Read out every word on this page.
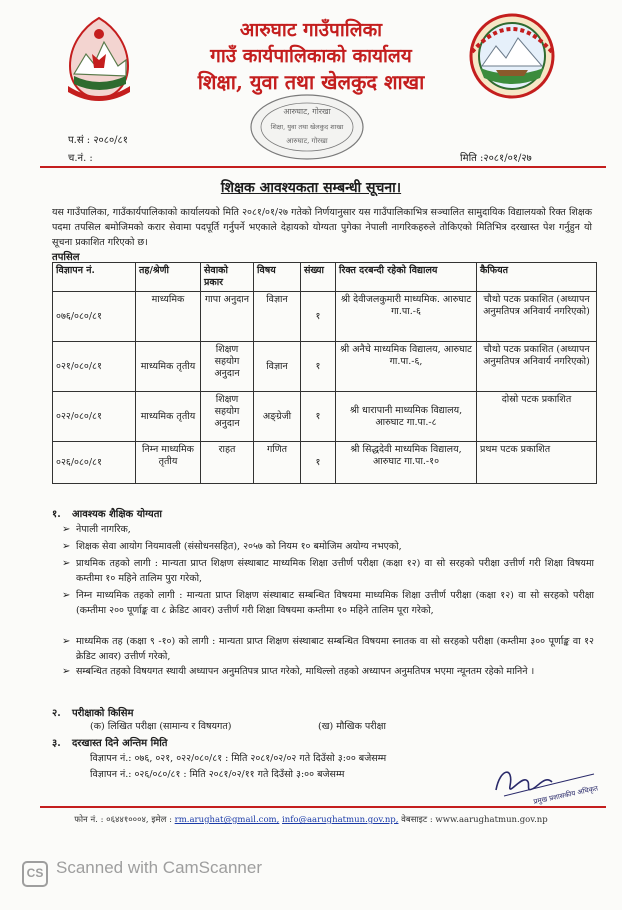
आरुघाट गाउँपालिका
गाउँ कार्यपालिकाको कार्यालय
शिक्षा, युवा तथा खेलकुद शाखा
आरुघाट, गोरखा
शिक्षा, युवा तथा खेलकुद शाखा
आरुघाट, गोरखा
प.सं : २०८०/८१
च.नं. :	मिति :२०८१/०१/२७
शिक्षक आवश्यकता सम्बन्धी सूचना।
यस गाउँपालिका, गाउँकार्यपालिकाको कार्यालयको मिति २०८१/०१/२७ गतेको निर्णयानुसार यस गाउँपालिकाभित्र सञ्चालित सामुदायिक विद्यालयको रिक्त शिक्षक पदमा तपसिल बमोजिमको करार सेवामा पदपूर्ति गर्नुपर्ने भएकाले देहायको योग्यता पुगेका नेपाली नागरिकहरुले तोकिएको मितिभित्र दरखास्त पेश गर्नुहुन यो सूचना प्रकाशित गरिएको छ।
तपसिल
विज्ञापन नं.	तह/श्रेणी	सेवाको प्रकार	विषय	संख्या	रिक्त दरबन्दी रहेको विद्यालय	कैफियत
०७६/०८०/८१	माध्यमिक	गापा अनुदान	विज्ञान	१	श्री देवीजलकुमारी माध्यमिक. आरुघाट गा.पा.-६	चौथो पटक प्रकाशित (अध्यापन अनुमतिपत्र अनिवार्य नगरिएको)
०२१/०८०/८१	माध्यमिक तृतीय	शिक्षण सहयोग अनुदान	विज्ञान	१	श्री अनैचे माध्यमिक विद्यालय, आरुघाट गा.पा.-६,	चौथो पटक प्रकाशित (अध्यापन अनुमतिपत्र अनिवार्य नगरिएको)
०२२/०८०/८१	माध्यमिक तृतीय	शिक्षण सहयोग अनुदान	अङ्ग्रेजी	१	श्री धारापानी माध्यमिक विद्यालय, आरुघाट गा.पा.-८	दोस्रो पटक प्रकाशित
०२६/०८०/८१	निम्न माध्यमिक तृतीय	राहत	गणित	१	श्री सिद्धदेवी माध्यमिक विद्यालय, आरुघाट गा.पा.-१०	प्रथम पटक प्रकाशित
१. आवश्यक शैक्षिक योग्यता
➢ नेपाली नागरिक,
➢ शिक्षक सेवा आयोग नियमावली (संसोधनसहित), २०५७ को नियम १० बमोजिम अयोग्य नभएको,
➢ प्राथमिक तहको लागी : मान्यता प्राप्त शिक्षण संस्थाबाट माध्यमिक शिक्षा उत्तीर्ण परीक्षा (कक्षा १२) वा सो सरहको परीक्षा उत्तीर्ण गरी शिक्षा विषयमा कम्तीमा १० महिने तालिम पुरा गरेको,
➢ निम्न माध्यमिक तहको लागी : मान्यता प्राप्त शिक्षण संस्थाबाट सम्बन्धित विषयमा माध्यमिक शिक्षा उत्तीर्ण परीक्षा (कक्षा १२) वा सो सरहको परीक्षा (कम्तीमा २०० पूर्णाङ्क वा ८ क्रेडिट आवर) उत्तीर्ण गरी शिक्षा विषयमा कम्तीमा १० महिने तालिम पूरा गरेको,
➢ माध्यमिक तह (कक्षा ९ -१०) को लागी : मान्यता प्राप्त शिक्षण संस्थाबाट सम्बन्धित विषयमा स्नातक वा सो सरहको परीक्षा (कम्तीमा ३०० पूर्णाङ्क वा १२ क्रेडिट आवर) उत्तीर्ण गरेको,
➢ सम्बन्धित तहको विषयगत स्थायी अध्यापन अनुमतिपत्र प्राप्त गरेको, माथिल्लो तहको अध्यापन अनुमतिपत्र भएमा न्यूनतम रहेको मानिने ।
२. परीक्षाको किसिम
(क) लिखित परीक्षा (सामान्य र विषयगत)	(ख) मौखिक परीक्षा
३. दरखास्त दिने अन्तिम मिति
विज्ञापन नं.: ०७६, ०२१, ०२२/०८०/८१ : मिति २०८१/०२/०२ गते दिउँसो ३:०० बजेसम्म
विज्ञापन नं.: ०२६/०८०/८१ : मिति २०८१/०२/११ गते दिउँसो ३:०० बजेसम्म
प्रमुख प्रशासकीय अधिकृत
फोन नं. : ०६४४१०००४, इमेल : rm.arughat@gmail.com, info@aarughatmun.gov.np, वेबसाइट : www.aarughatmun.gov.np
CS Scanned with CamScanner
